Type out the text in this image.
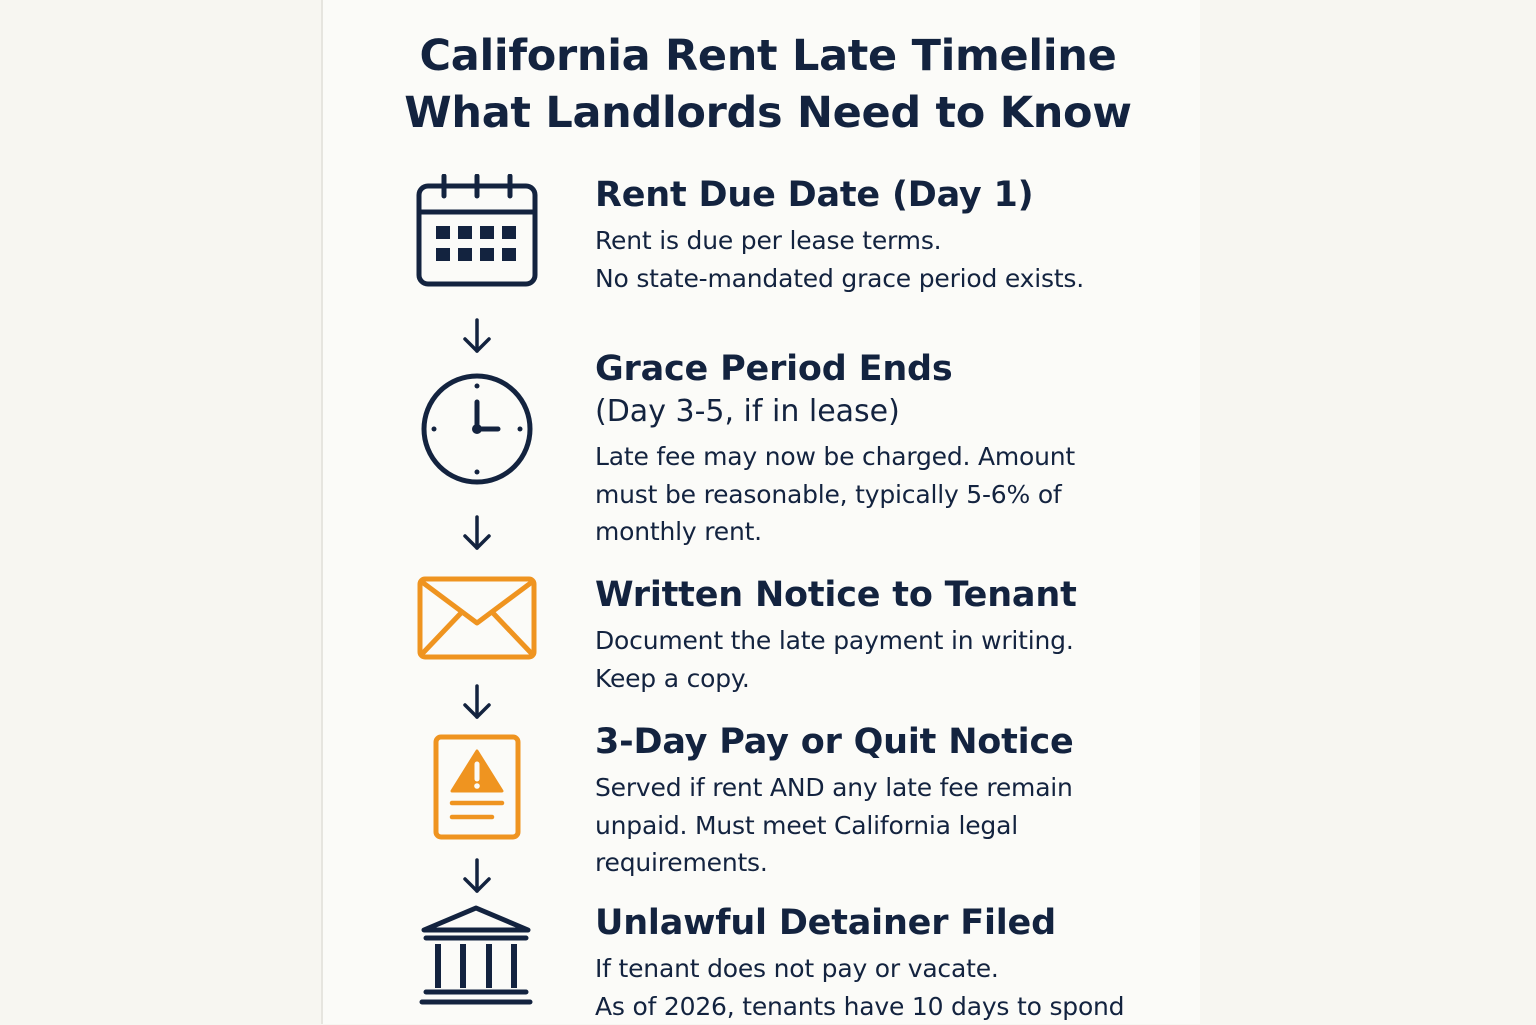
California Rent Late Timeline
What Landlords Need to Know
Rent Due Date (Day 1)
Rent is due per lease terms.
No state-mandated grace period exists.
Grace Period Ends
(Day 3-5, if in lease)
Late fee may now be charged. Amount
must be reasonable, typically 5-6% of
monthly rent.
Written Notice to Tenant
Document the late payment in writing.
Keep a copy.
3-Day Pay or Quit Notice
Served if rent AND any late fee remain
unpaid. Must meet California legal
requirements.
Unlawful Detainer Filed
If tenant does not pay or vacate.
As of 2026, tenants have 10 days to spond
